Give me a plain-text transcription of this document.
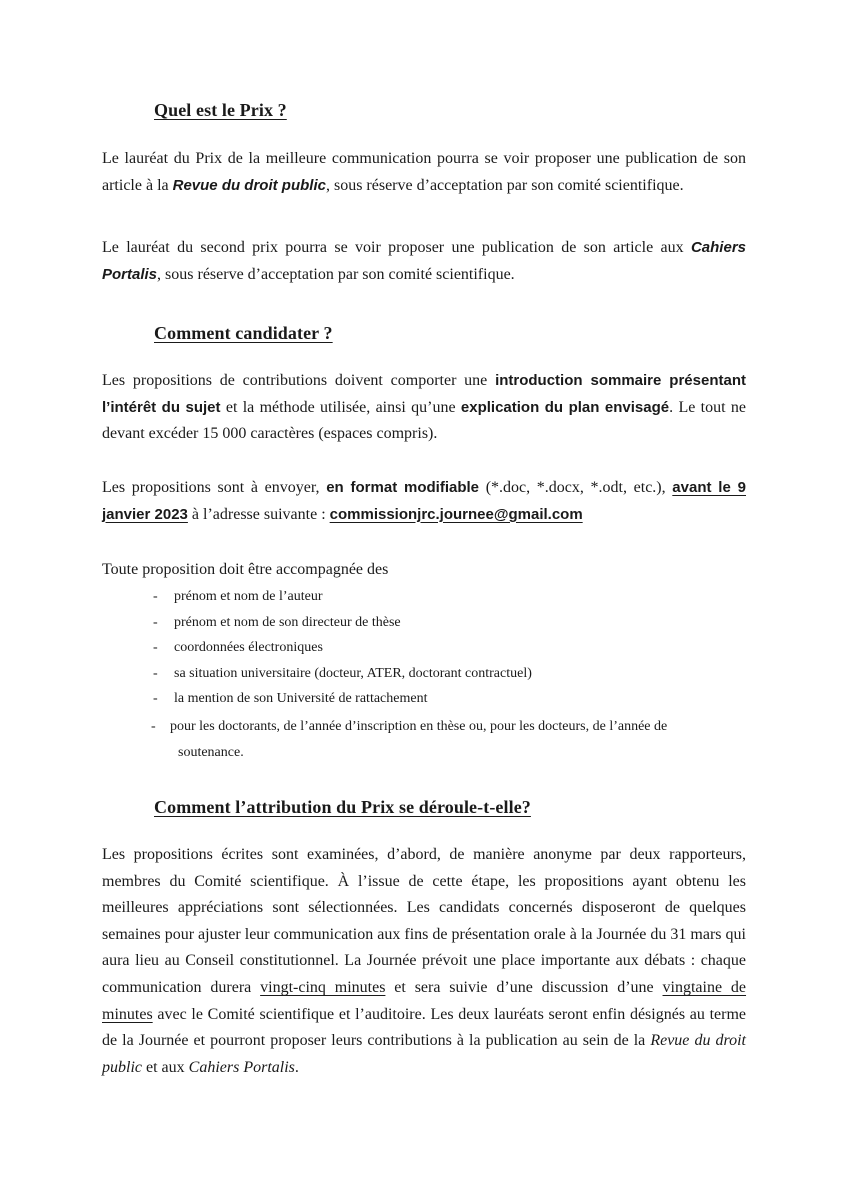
Quel est le Prix ?

Le lauréat du Prix de la meilleure communication pourra se voir proposer une publication de son article à la Revue du droit public, sous réserve d’acceptation par son comité scientifique.

Le lauréat du second prix pourra se voir proposer une publication de son article aux Cahiers Portalis, sous réserve d’acceptation par son comité scientifique.

Comment candidater ?

Les propositions de contributions doivent comporter une introduction sommaire présentant l’intérêt du sujet et la méthode utilisée, ainsi qu’une explication du plan envisagé. Le tout ne devant excéder 15 000 caractères (espaces compris).

Les propositions sont à envoyer, en format modifiable (*.doc, *.docx, *.odt, etc.), avant le 9 janvier 2023 à l’adresse suivante : commissionjrc.journee@gmail.com

Toute proposition doit être accompagnée des

- prénom et nom de l’auteur
- prénom et nom de son directeur de thèse
- coordonnées électroniques
- sa situation universitaire (docteur, ATER, doctorant contractuel)
- la mention de son Université de rattachement
- pour les doctorants, de l’année d’inscription en thèse ou, pour les docteurs, de l’année de
soutenance.
Comment l’attribution du Prix se déroule-t-elle?

Les propositions écrites sont examinées, d’abord, de manière anonyme par deux rapporteurs, membres du Comité scientifique. À l’issue de cette étape, les propositions ayant obtenu les meilleures appréciations sont sélectionnées. Les candidats concernés disposeront de quelques semaines pour ajuster leur communication aux fins de présentation orale à la Journée du 31 mars qui aura lieu au Conseil constitutionnel. La Journée prévoit une place importante aux débats : chaque communication durera vingt-cinq minutes et sera suivie d’une discussion d’une vingtaine de minutes avec le Comité scientifique et l’auditoire. Les deux lauréats seront enfin désignés au terme de la Journée et pourront proposer leurs contributions à la publication au sein de la Revue du droit public et aux Cahiers Portalis.
